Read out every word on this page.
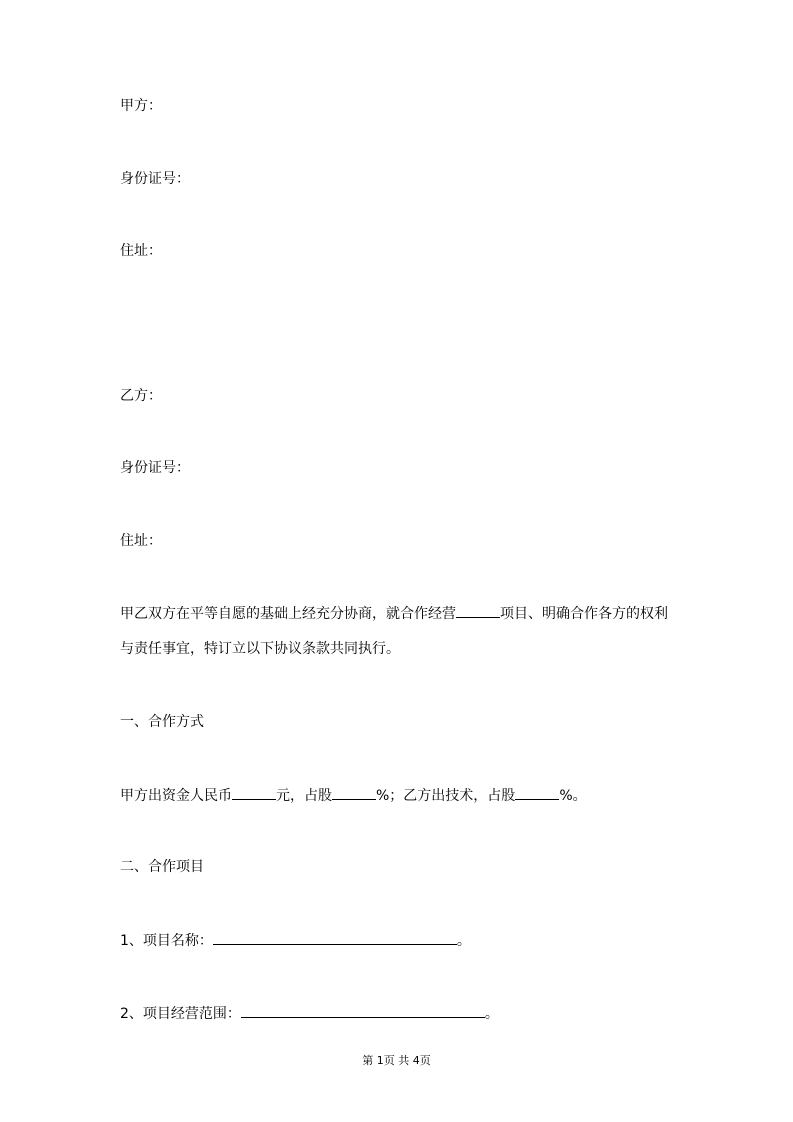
甲方：
身份证号：
住址：
乙方：
身份证号：
住址：
甲乙双方在平等自愿的基础上经充分协商，就合作经营	项目、明确合作各方的权利
与责任事宜，特订立以下协议条款共同执行。
一、合作方式
甲方出资金人民币	元，占股	%；乙方出技术，占股	%。
二、合作项目
1、项目名称：	。
2、项目经营范围：	。
第 1页 共 4页
